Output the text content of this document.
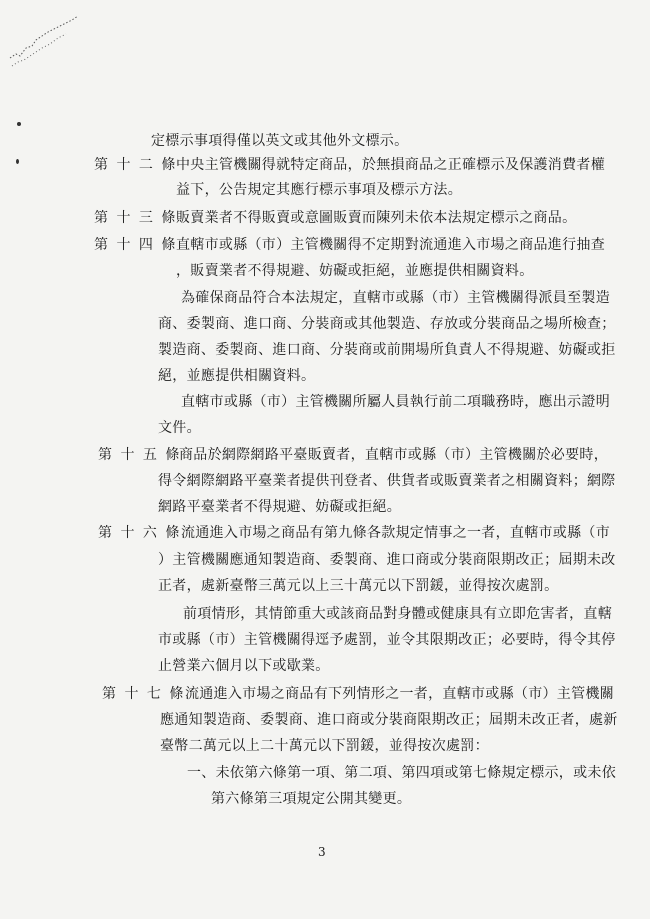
定標示事項得僅以英文或其他外文標示。
第 十 二 條
中央主管機關得就特定商品，於無損商品之正確標示及保護消費者權
益下，公告規定其應行標示事項及標示方法。
第 十 三 條
販賣業者不得販賣或意圖販賣而陳列未依本法規定標示之商品。
第 十 四 條
直轄市或縣（市）主管機關得不定期對流通進入市場之商品進行抽查
，販賣業者不得規避、妨礙或拒絕，並應提供相關資料。
為確保商品符合本法規定，直轄市或縣（市）主管機關得派員至製造
商、委製商、進口商、分裝商或其他製造、存放或分裝商品之場所檢查；
製造商、委製商、進口商、分裝商或前開場所負責人不得規避、妨礙或拒
絕，並應提供相關資料。
直轄市或縣（市）主管機關所屬人員執行前二項職務時，應出示證明
文件。
第 十 五 條
商品於網際網路平臺販賣者，直轄市或縣（市）主管機關於必要時，
得令網際網路平臺業者提供刊登者、供貨者或販賣業者之相關資料；網際
網路平臺業者不得規避、妨礙或拒絕。
第 十 六 條 流通進入市場之商品有第九條各款規定情事之一者，直轄市或縣（市
）主管機關應通知製造商、委製商、進口商或分裝商限期改正；屆期未改
正者，處新臺幣三萬元以上三十萬元以下罰鍰，並得按次處罰。
前項情形，其情節重大或該商品對身體或健康具有立即危害者，直轄
市或縣（市）主管機關得逕予處罰，並令其限期改正；必要時，得令其停
止營業六個月以下或歇業。
第 十 七 條 流通進入市場之商品有下列情形之一者，直轄市或縣（市）主管機關
應通知製造商、委製商、進口商或分裝商限期改正；屆期未改正者，處新
臺幣二萬元以上二十萬元以下罰鍰，並得按次處罰：
一、未依第六條第一項、第二項、第四項或第七條規定標示，或未依
第六條第三項規定公開其變更。
3
